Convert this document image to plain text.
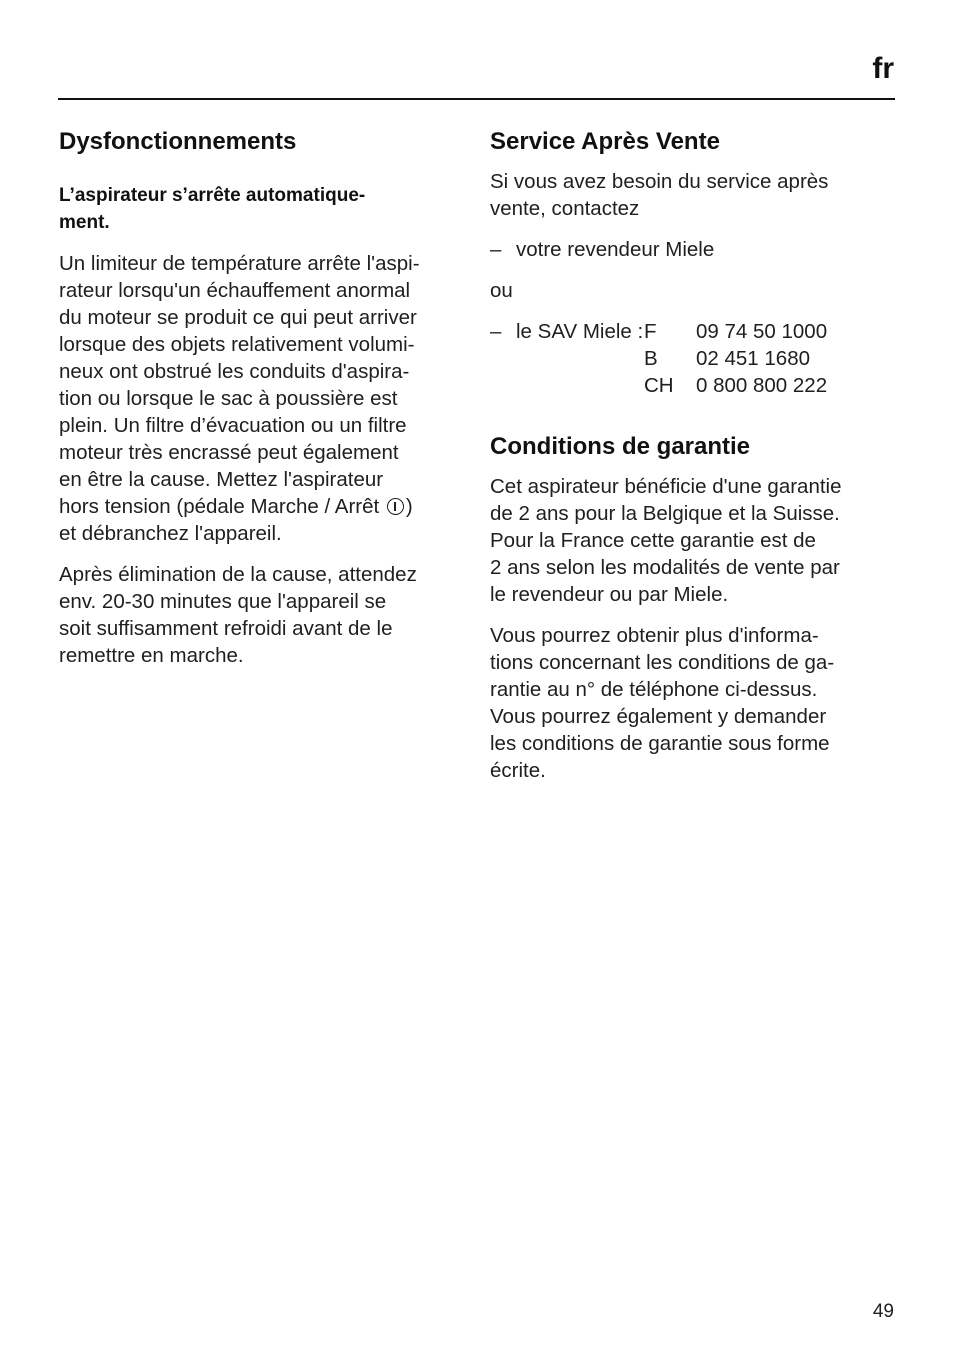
fr
Dysfonctionnements
L’aspirateur s’arrête automatique-
ment.

Un limiteur de température arrête l'aspi-
rateur lorsqu'un échauffement anormal
du moteur se produit ce qui peut arriver
lorsque des objets relativement volumi-
neux ont obstrué les conduits d'aspira-
tion ou lorsque le sac à poussière est
plein. Un filtre d’évacuation ou un filtre
moteur très encrassé peut également
en être la cause. Mettez l'aspirateur
hors tension (pédale Marche / Arrêt )
et débranchez l'appareil.

Après élimination de la cause, attendez
env. 20-30 minutes que l'appareil se
soit suffisamment refroidi avant de le
remettre en marche.

Service Après Vente

Si vous avez besoin du service après
vente, contactez

– votre revendeur Miele

ou

– le SAV Miele : F	09 74 50 1000
B	02 451 1680
CH	0 800 800 222
Conditions de garantie

Cet aspirateur bénéficie d'une garantie
de 2 ans pour la Belgique et la Suisse.
Pour la France cette garantie est de
2 ans selon les modalités de vente par
le revendeur ou par Miele.

Vous pourrez obtenir plus d'informa-
tions concernant les conditions de ga-
rantie au n° de téléphone ci-dessus.
Vous pourrez également y demander
les conditions de garantie sous forme
écrite.

49
